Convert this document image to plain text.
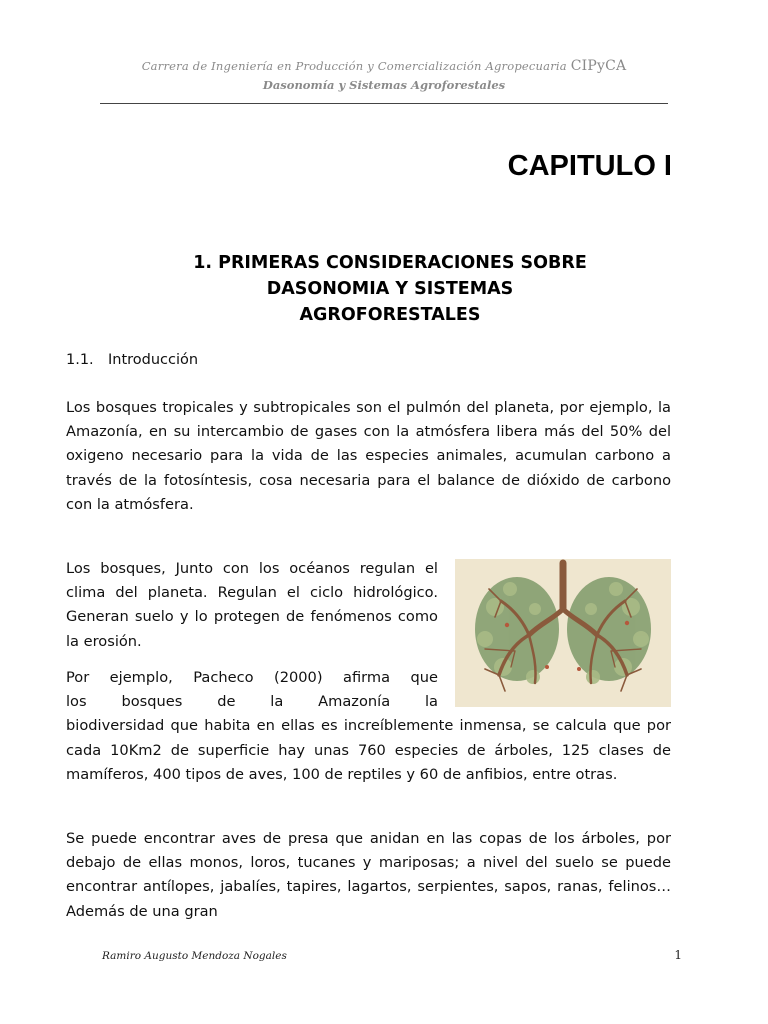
Carrera de Ingeniería en Producción y Comercialización Agropecuaria CIPyCA
Dasonomía y Sistemas Agroforestales
CAPITULO I
1. PRIMERAS CONSIDERACIONES SOBRE
DASONOMIA Y SISTEMAS
AGROFORESTALES
1.1. Introducción

Los bosques tropicales y subtropicales son el pulmón del planeta, por ejemplo, la Amazonía, en su intercambio de gases con la atmósfera libera más del 50% del oxigeno necesario para la vida de las especies animales, acumulan carbono a través de la fotosíntesis, cosa necesaria para el balance de dióxido de carbono con la atmósfera.

Los bosques, Junto con los océanos regulan el clima del planeta. Regulan el ciclo hidrológico. Generan suelo y lo protegen de fenómenos como la erosión.

Por ejemplo, Pacheco (2000) afirma que
los bosques de la Amazonía la
biodiversidad que habita en ellas es increíblemente inmensa, se calcula que por cada 10Km2 de superficie hay unas 760 especies de árboles, 125 clases de mamíferos, 400 tipos de aves, 100 de reptiles y 60 de anfibios, entre otras.

Se puede encontrar aves de presa que anidan en las copas de los árboles, por debajo de ellas monos, loros, tucanes y mariposas; a nivel del suelo se puede encontrar antílopes, jabalíes, tapires, lagartos, serpientes, sapos, ranas, felinos… Además de una gran

Ramiro Augusto Mendoza Nogales	1
